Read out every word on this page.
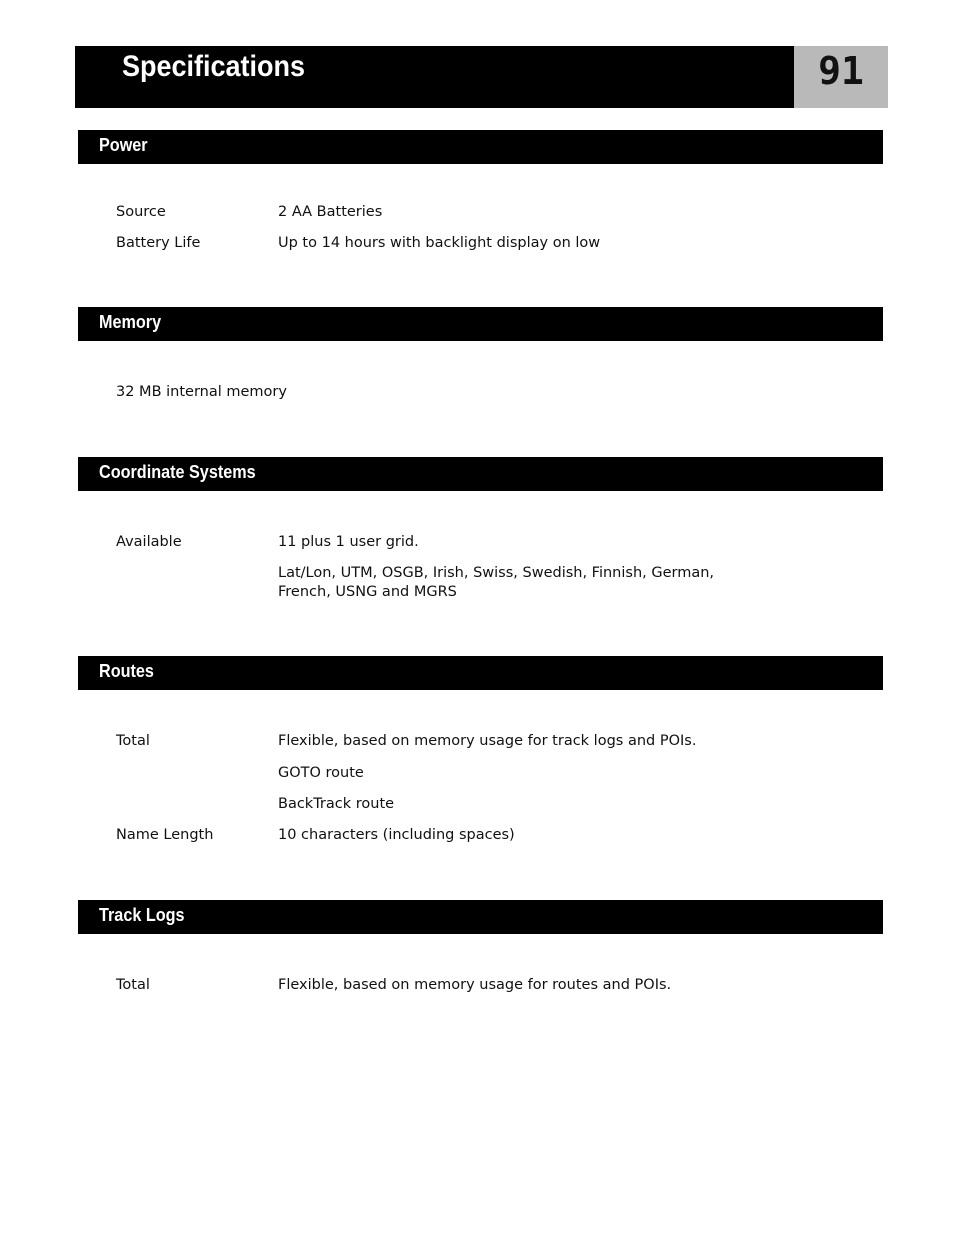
Specifications	91
Power
Source	2 AA Batteries
Battery Life	Up to 14 hours with backlight display on low
Memory
32 MB internal memory
Coordinate Systems
Available	11 plus 1 user grid.
Lat/Lon, UTM, OSGB, Irish, Swiss, Swedish, Finnish, German,
French, USNG and MGRS
Routes
Total	Flexible, based on memory usage for track logs and POIs.
GOTO route
BackTrack route
Name Length	10 characters (including spaces)
Track Logs
Total	Flexible, based on memory usage for routes and POIs.
